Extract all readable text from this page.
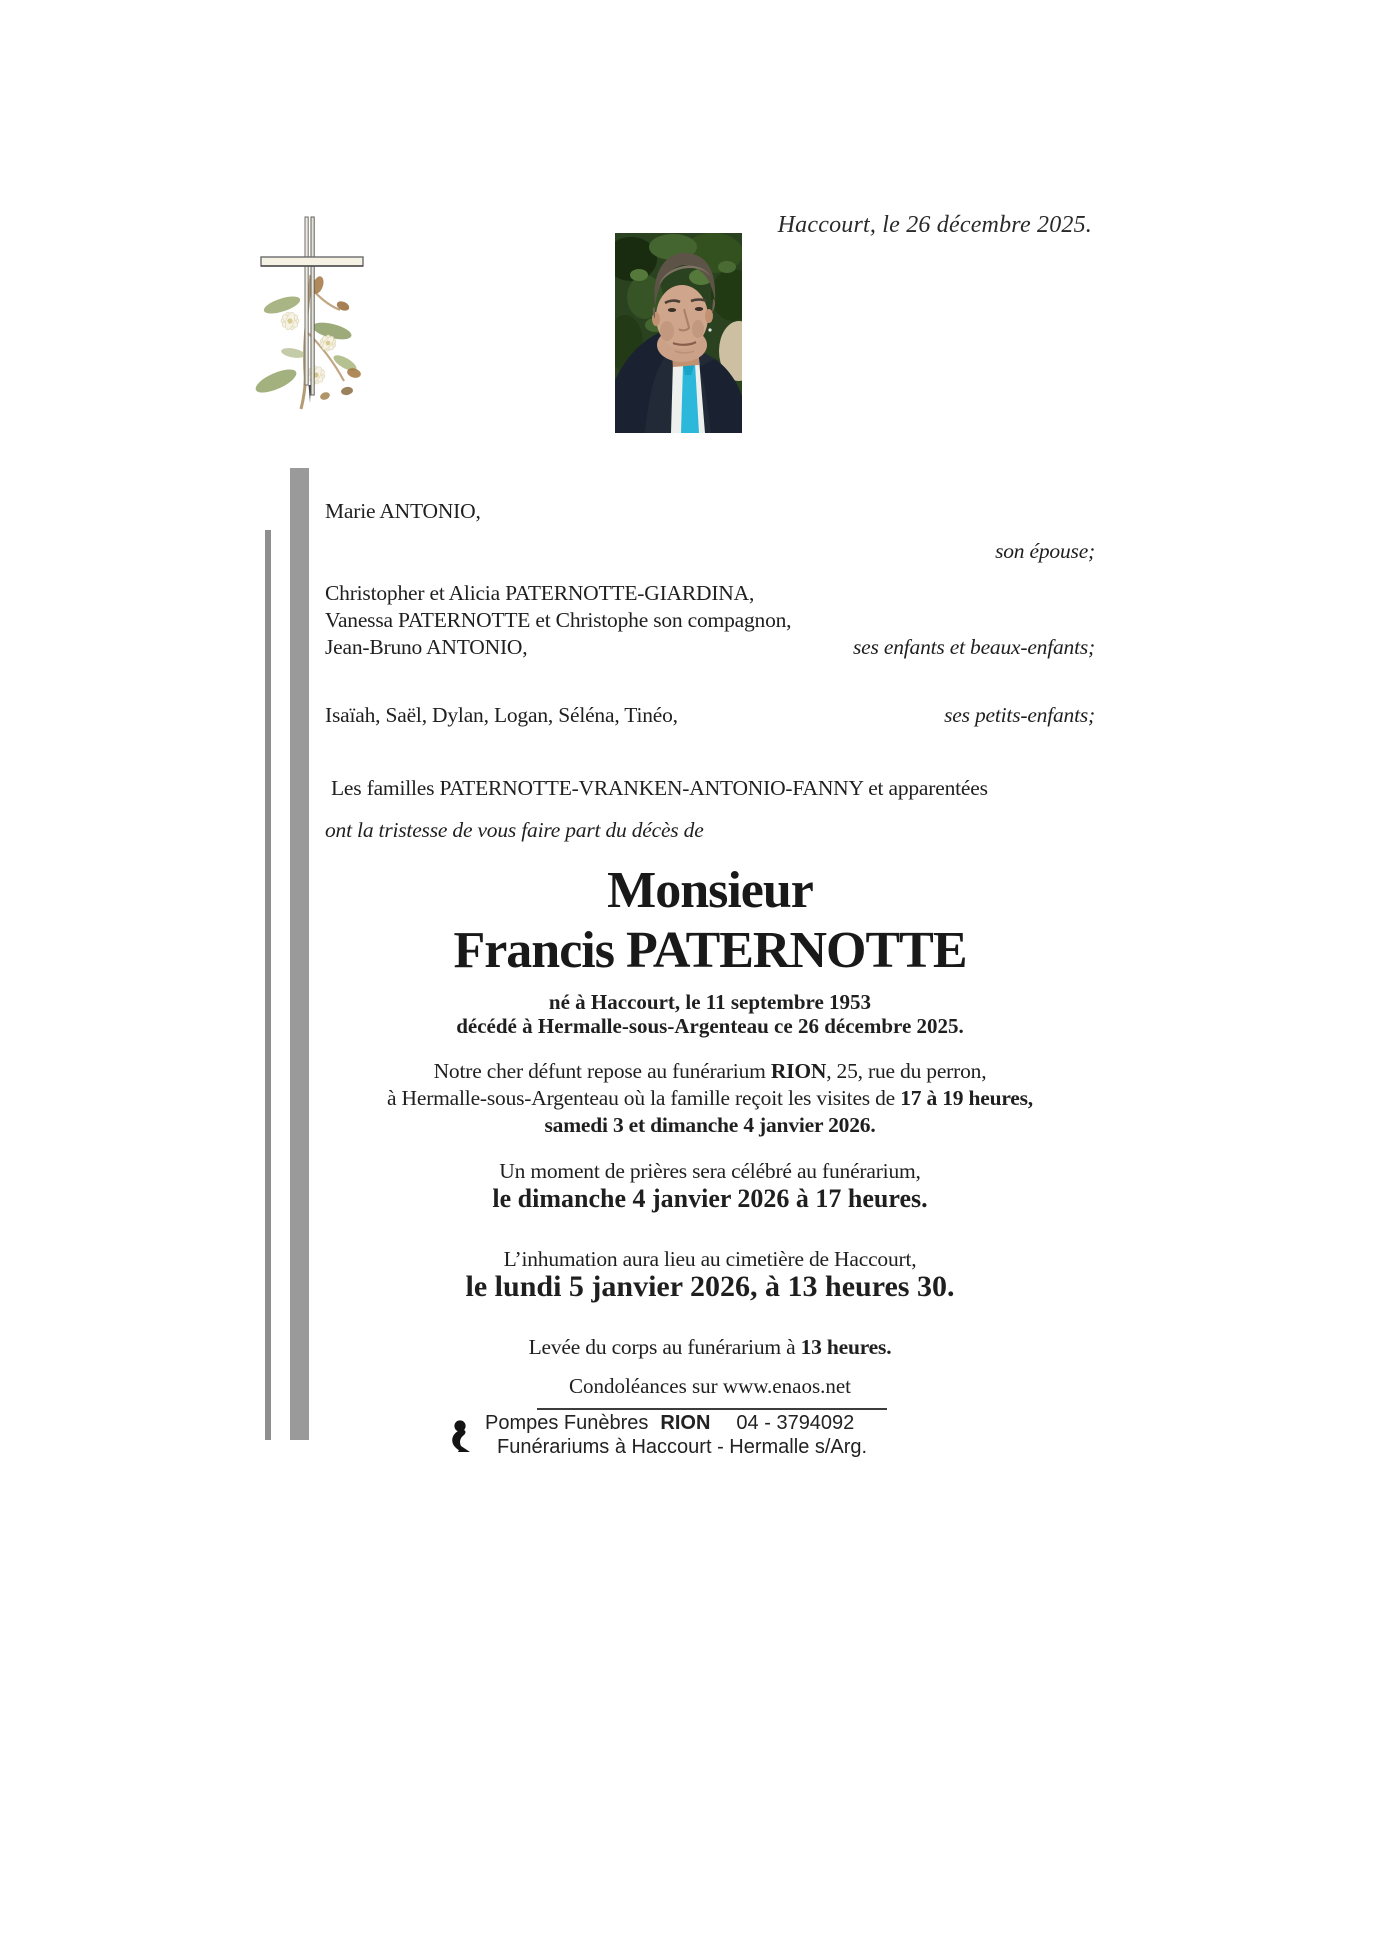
Haccourt, le 26 décembre 2025.
Marie ANTONIO,
son épouse;
Christopher et Alicia PATERNOTTE-GIARDINA,
Vanessa PATERNOTTE et Christophe son compagnon,
Jean-Bruno ANTONIO,	ses enfants et beaux-enfants;
Isaïah, Saël, Dylan, Logan, Séléna, Tinéo,	ses petits-enfants;
Les familles PATERNOTTE-VRANKEN-ANTONIO-FANNY et apparentées
ont la tristesse de vous faire part du décès de
Monsieur
Francis PATERNOTTE
né à Haccourt, le 11 septembre 1953
décédé à Hermalle-sous-Argenteau ce 26 décembre 2025.
Notre cher défunt repose au funérarium RION, 25, rue du perron,
à Hermalle-sous-Argenteau où la famille reçoit les visites de 17 à 19 heures,
samedi 3 et dimanche 4 janvier 2026.
Un moment de prières sera célébré au funérarium,
le dimanche 4 janvier 2026 à 17 heures.
L’inhumation aura lieu au cimetière de Haccourt,
le lundi 5 janvier 2026, à 13 heures 30.
Levée du corps au funérarium à 13 heures.
Condoléances sur www.enaos.net
Pompes Funèbres RION 04 - 3794092
Funérariums à Haccourt - Hermalle s/Arg.
